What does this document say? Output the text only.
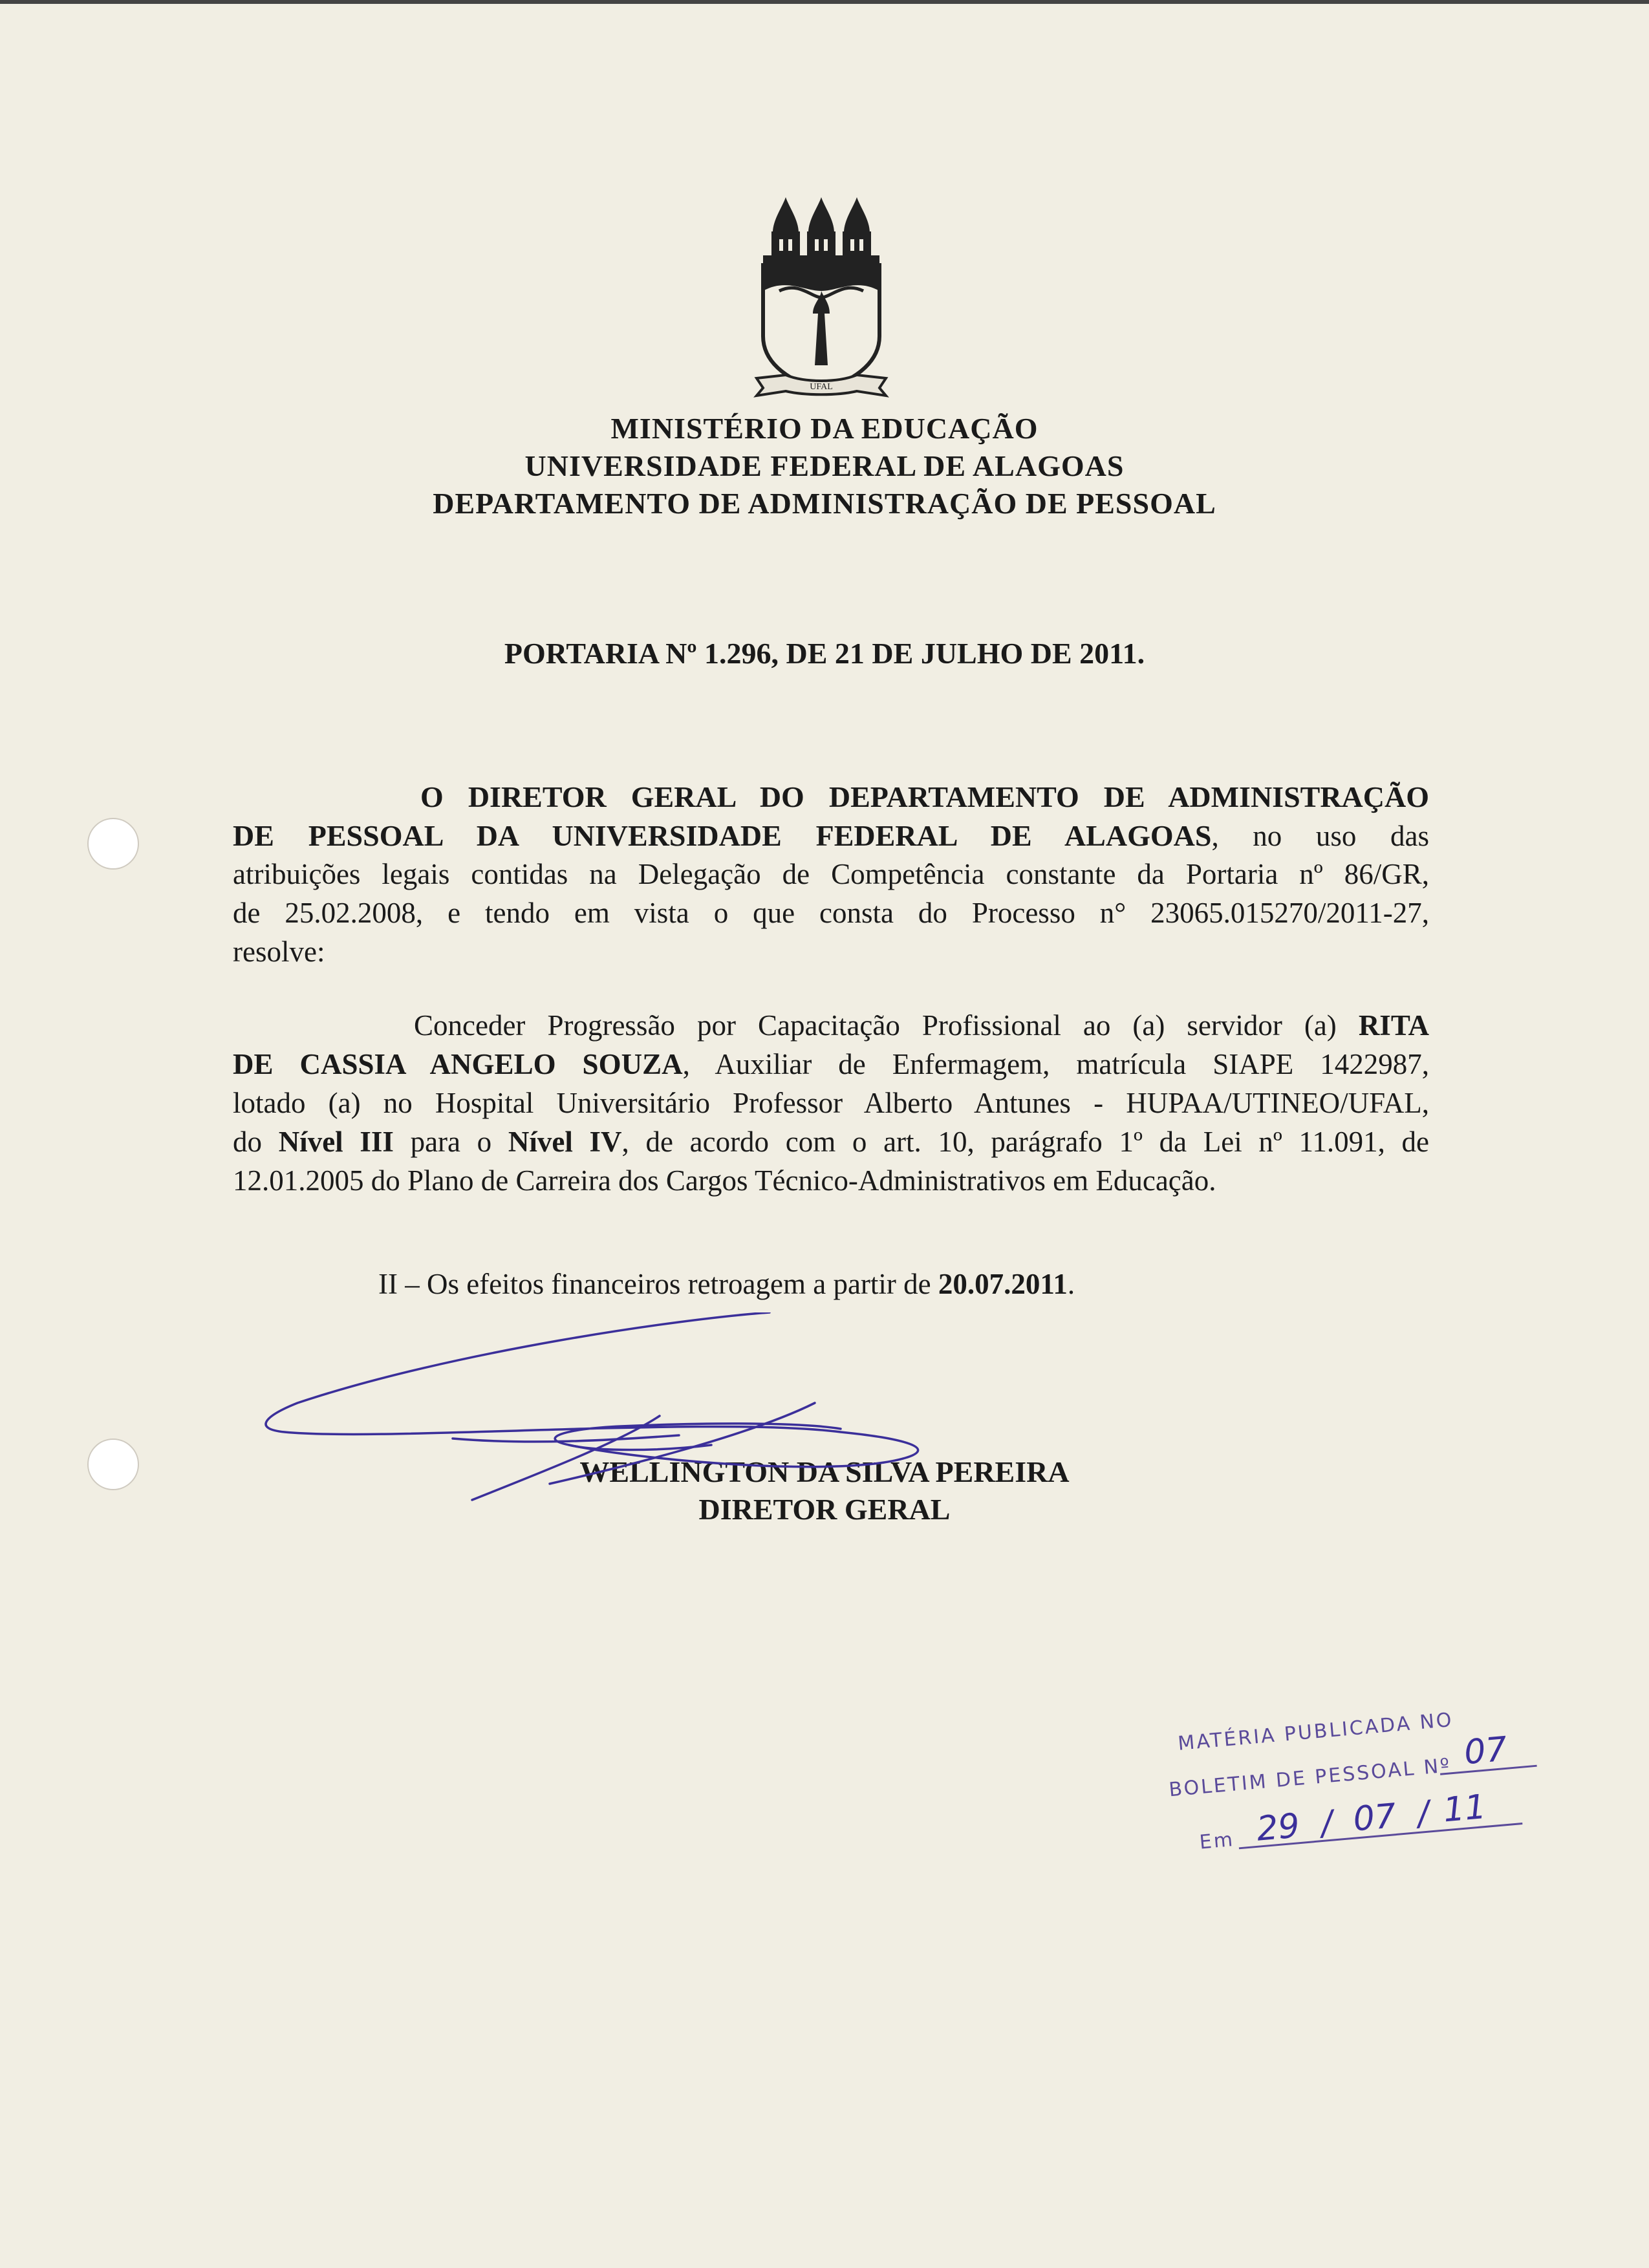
UFAL
MINISTÉRIO DA EDUCAÇÃO
UNIVERSIDADE FEDERAL DE ALAGOAS
DEPARTAMENTO DE ADMINISTRAÇÃO DE PESSOAL
PORTARIA Nº 1.296, DE 21 DE JULHO DE 2011.
O DIRETOR GERAL DO DEPARTAMENTO DE ADMINISTRAÇÃO
DE PESSOAL DA UNIVERSIDADE FEDERAL DE ALAGOAS, no uso das
atribuições legais contidas na Delegação de Competência constante da Portaria nº 86/GR,
de 25.02.2008, e tendo em vista o que consta do Processo n° 23065.015270/2011-27,
resolve:
Conceder Progressão por Capacitação Profissional ao (a) servidor (a) RITA
DE CASSIA ANGELO SOUZA, Auxiliar de Enfermagem, matrícula SIAPE 1422987,
lotado (a) no Hospital Universitário Professor Alberto Antunes - HUPAA/UTINEO/UFAL,
do Nível III para o Nível IV, de acordo com o art. 10, parágrafo 1º da Lei nº 11.091, de
12.01.2005 do Plano de Carreira dos Cargos Técnico-Administrativos em Educação.
II – Os efeitos financeiros retroagem a partir de 20.07.2011.
WELLINGTON DA SILVA PEREIRA
DIRETOR GERAL
MATÉRIA PUBLICADA NO
BOLETIM DE PESSOAL Nº
Em
07
29 / 07 / 11
